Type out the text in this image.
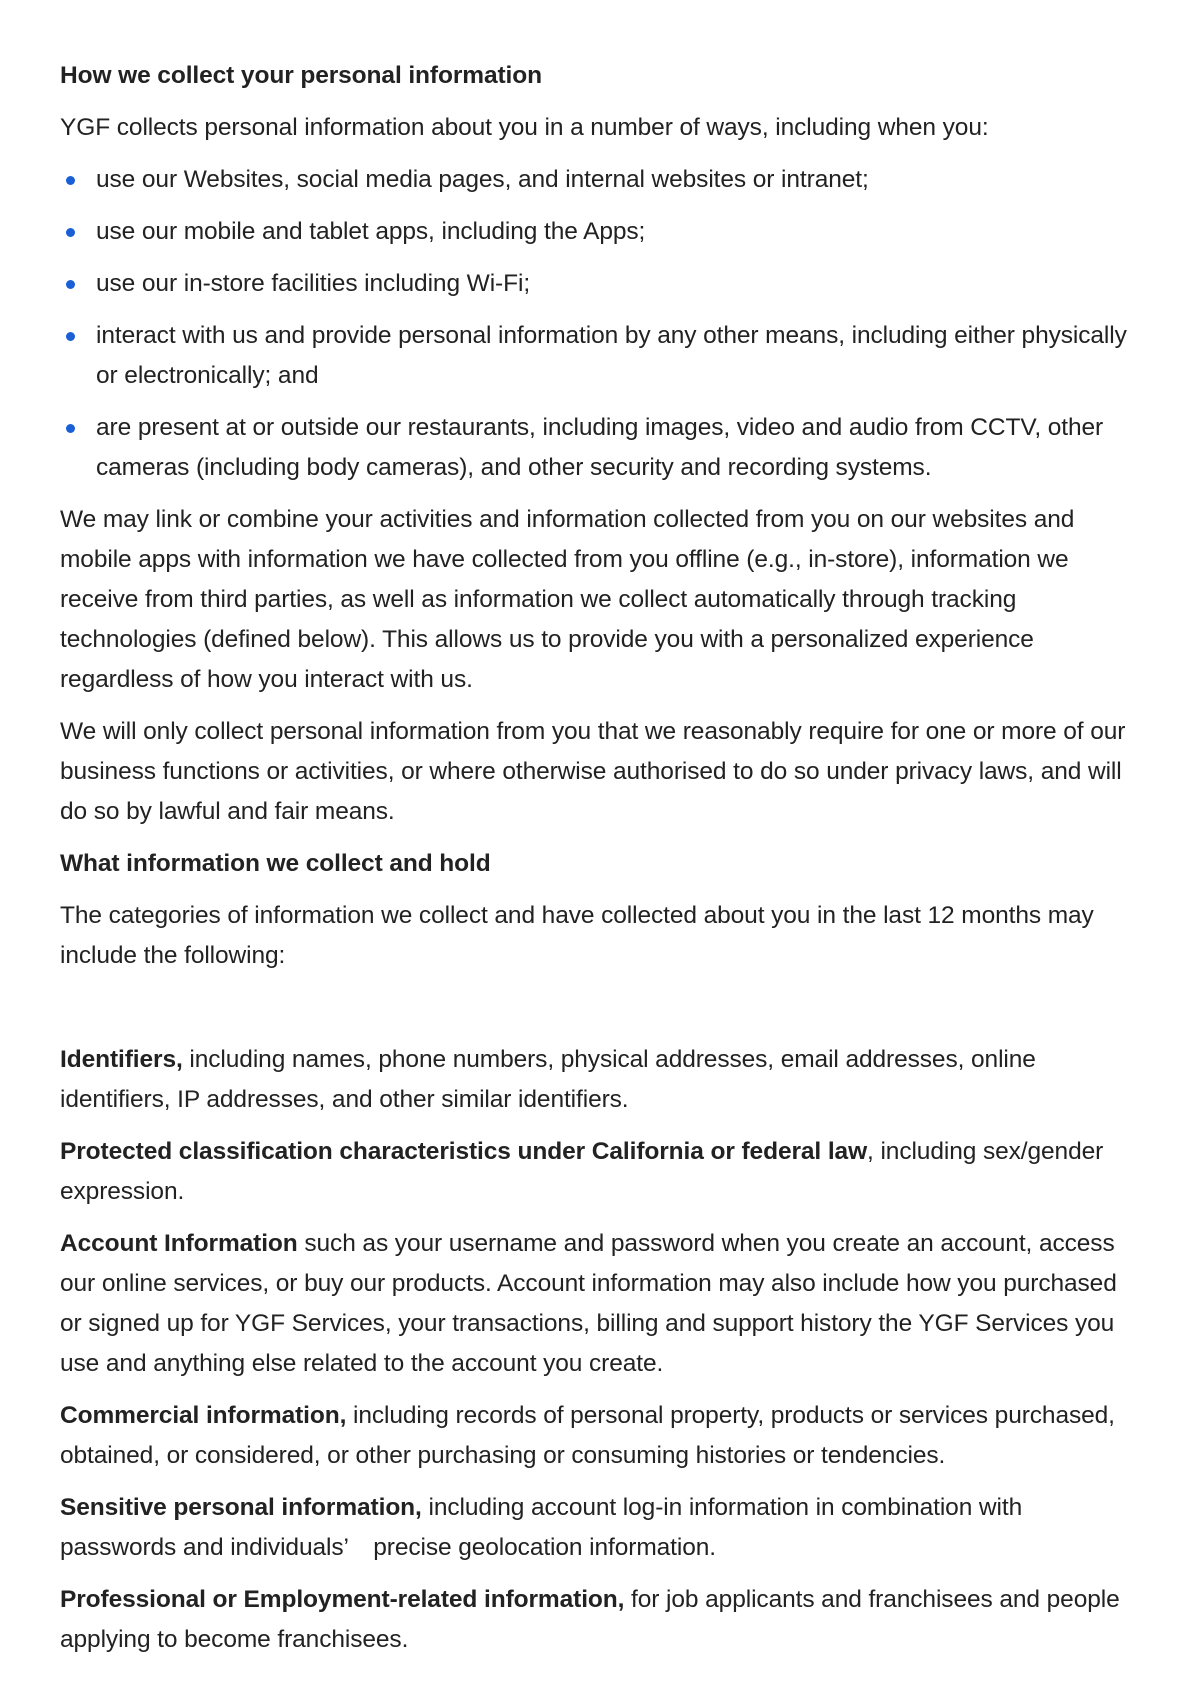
How we collect your personal information
YGF collects personal information about you in a number of ways, including when you:
use our Websites, social media pages, and internal websites or intranet;
use our mobile and tablet apps, including the Apps;
use our in-store facilities including Wi-Fi;
interact with us and provide personal information by any other means, including either physically or electronically; and
are present at or outside our restaurants, including images, video and audio from CCTV, other cameras (including body cameras), and other security and recording systems.
We may link or combine your activities and information collected from you on our websites and mobile apps with information we have collected from you offline (e.g., in-store), information we receive from third parties, as well as information we collect automatically through tracking technologies (defined below). This allows us to provide you with a personalized experience regardless of how you interact with us.
We will only collect personal information from you that we reasonably require for one or more of our business functions or activities, or where otherwise authorised to do so under privacy laws, and will do so by lawful and fair means.
What information we collect and hold
The categories of information we collect and have collected about you in the last 12 months may include the following:
Identifiers, including names, phone numbers, physical addresses, email addresses, online identifiers, IP addresses, and other similar identifiers.
Protected classification characteristics under California or federal law, including sex/gender expression.
Account Information such as your username and password when you create an account, access our online services, or buy our products. Account information may also include how you purchased or signed up for YGF Services, your transactions, billing and support history the YGF Services you use and anything else related to the account you create.
Commercial information, including records of personal property, products or services purchased, obtained, or considered, or other purchasing or consuming histories or tendencies.
Sensitive personal information, including account log-in information in combination with passwords and individuals’ precise geolocation information.
Professional or Employment-related information, for job applicants and franchisees and people applying to become franchisees.
